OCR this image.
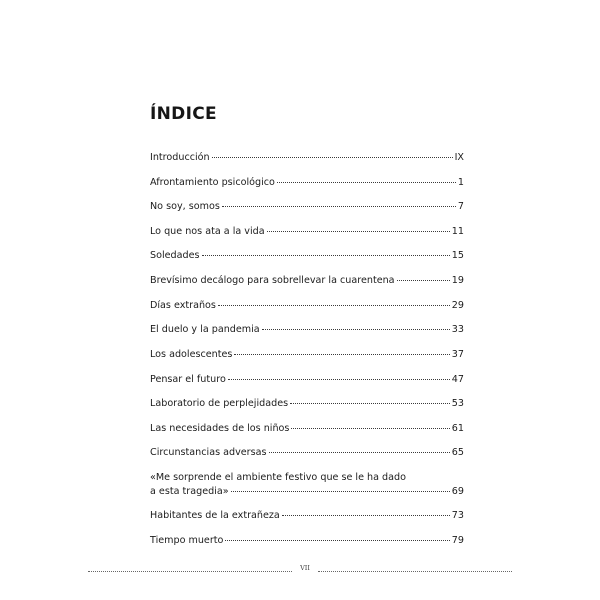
ÍNDICE
Introducción	IX
Afrontamiento psicológico	1
No soy, somos	7
Lo que nos ata a la vida	11
Soledades	15
Brevísimo decálogo para sobrellevar la cuarentena	19
Días extraños	29
El duelo y la pandemia	33
Los adolescentes	37
Pensar el futuro	47
Laboratorio de perplejidades	53
Las necesidades de los niños	61
Circunstancias adversas	65
«Me sorprende el ambiente festivo que se le ha dado
a esta tragedia»	69
Habitantes de la extrañeza	73
Tiempo muerto	79
VII
